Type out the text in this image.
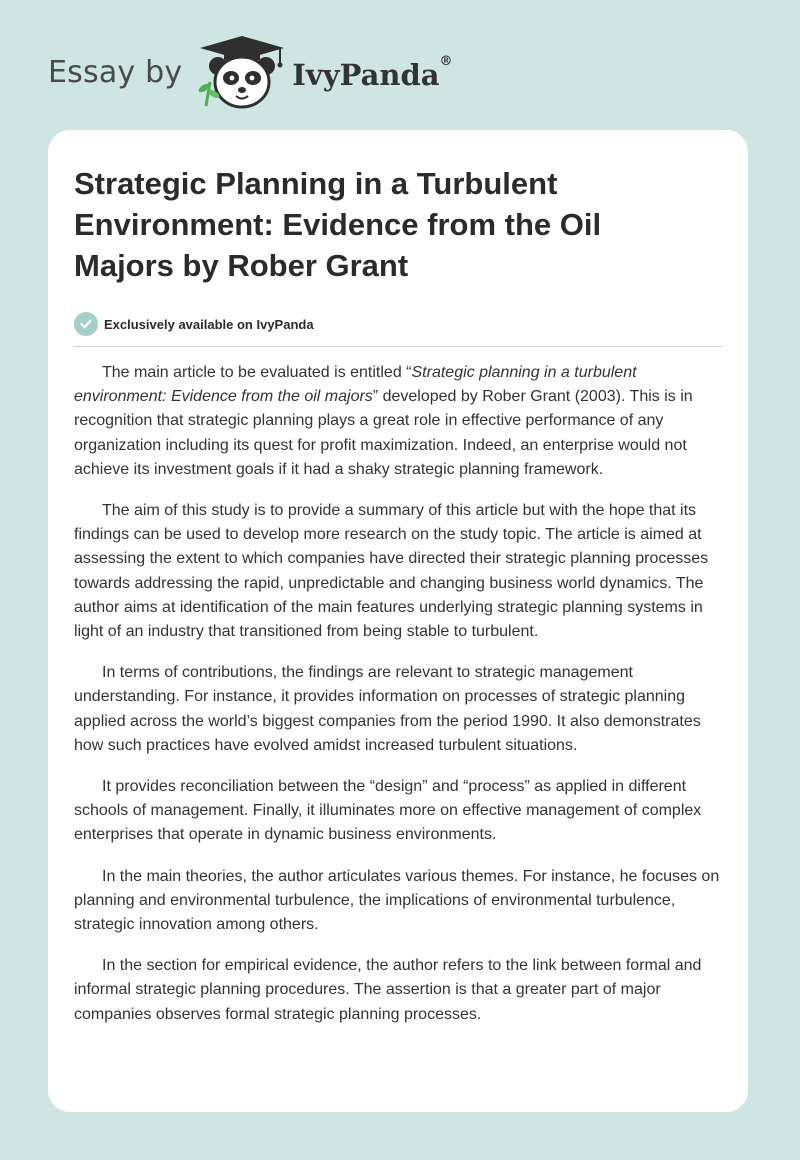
Essay by	IvyPanda®
Strategic Planning in a Turbulent Environment: Evidence from the Oil Majors by Rober Grant
Exclusively available on IvyPanda

The main article to be evaluated is entitled “Strategic planning in a turbulent environment: Evidence from the oil majors” developed by Rober Grant (2003). This is in recognition that strategic planning plays a great role in effective performance of any organization including its quest for profit maximization. Indeed, an enterprise would not achieve its investment goals if it had a shaky strategic planning framework.

The aim of this study is to provide a summary of this article but with the hope that its findings can be used to develop more research on the study topic. The article is aimed at assessing the extent to which companies have directed their strategic planning processes towards addressing the rapid, unpredictable and changing business world dynamics. The author aims at identification of the main features underlying strategic planning systems in light of an industry that transitioned from being stable to turbulent.

In terms of contributions, the findings are relevant to strategic management understanding. For instance, it provides information on processes of strategic planning applied across the world’s biggest companies from the period 1990. It also demonstrates how such practices have evolved amidst increased turbulent situations.

It provides reconciliation between the “design” and “process” as applied in different schools of management. Finally, it illuminates more on effective management of complex enterprises that operate in dynamic business environments.

In the main theories, the author articulates various themes. For instance, he focuses on planning and environmental turbulence, the implications of environmental turbulence, strategic innovation among others.

In the section for empirical evidence, the author refers to the link between formal and informal strategic planning procedures. The assertion is that a greater part of major companies observes formal strategic planning processes.
